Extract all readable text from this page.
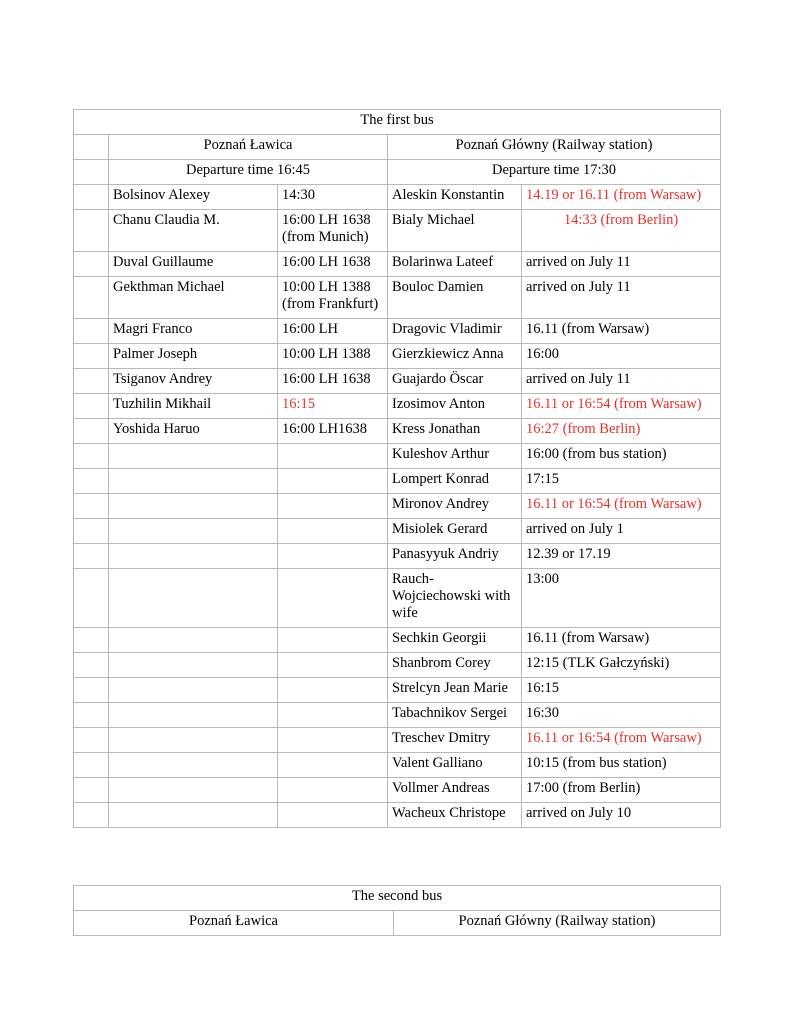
The first bus				
	Poznań Ławica		Poznań Główny (Railway station)	
	Departure time 16:45		Departure time 17:30	
	Bolsinov Alexey	14:30	Aleskin Konstantin	14.19 or 16.11 (from Warsaw)
	Chanu Claudia M.	16:00 LH 1638 (from Munich)	Bialy Michael	14:33 (from Berlin)
	Duval Guillaume	16:00 LH 1638	Bolarinwa Lateef	arrived on July 11
	Gekthman Michael	10:00 LH 1388 (from Frankfurt)	Bouloc Damien	arrived on July 11
	Magri Franco	16:00 LH	Dragovic Vladimir	16.11 (from Warsaw)
	Palmer Joseph	10:00 LH 1388	Gierzkiewicz Anna	16:00
	Tsiganov Andrey	16:00 LH 1638	Guajardo Öscar	arrived on July 11
	Tuzhilin Mikhail	16:15	Izosimov Anton	16.11 or 16:54 (from Warsaw)
	Yoshida Haruo	16:00 LH1638	Kress Jonathan	16:27 (from Berlin)
			Kuleshov Arthur	16:00 (from bus station)
			Lompert Konrad	17:15
			Mironov Andrey	16.11 or 16:54 (from Warsaw)
			Misiolek Gerard	arrived on July 1
			Panasyyuk Andriy	12.39 or 17.19
			Rauch-Wojciechowski with wife	13:00
			Sechkin Georgii	16.11 (from Warsaw)
			Shanbrom Corey	12:15 (TLK Gałczyński)
			Strelcyn Jean Marie	16:15
			Tabachnikov Sergei	16:30
			Treschev Dmitry	16.11 or 16:54 (from Warsaw)
			Valent Galliano	10:15 (from bus station)
			Vollmer Andreas	17:00 (from Berlin)
			Wacheux Christope	arrived on July 10
The second bus
Poznań Ławica	Poznań Główny (Railway station)
